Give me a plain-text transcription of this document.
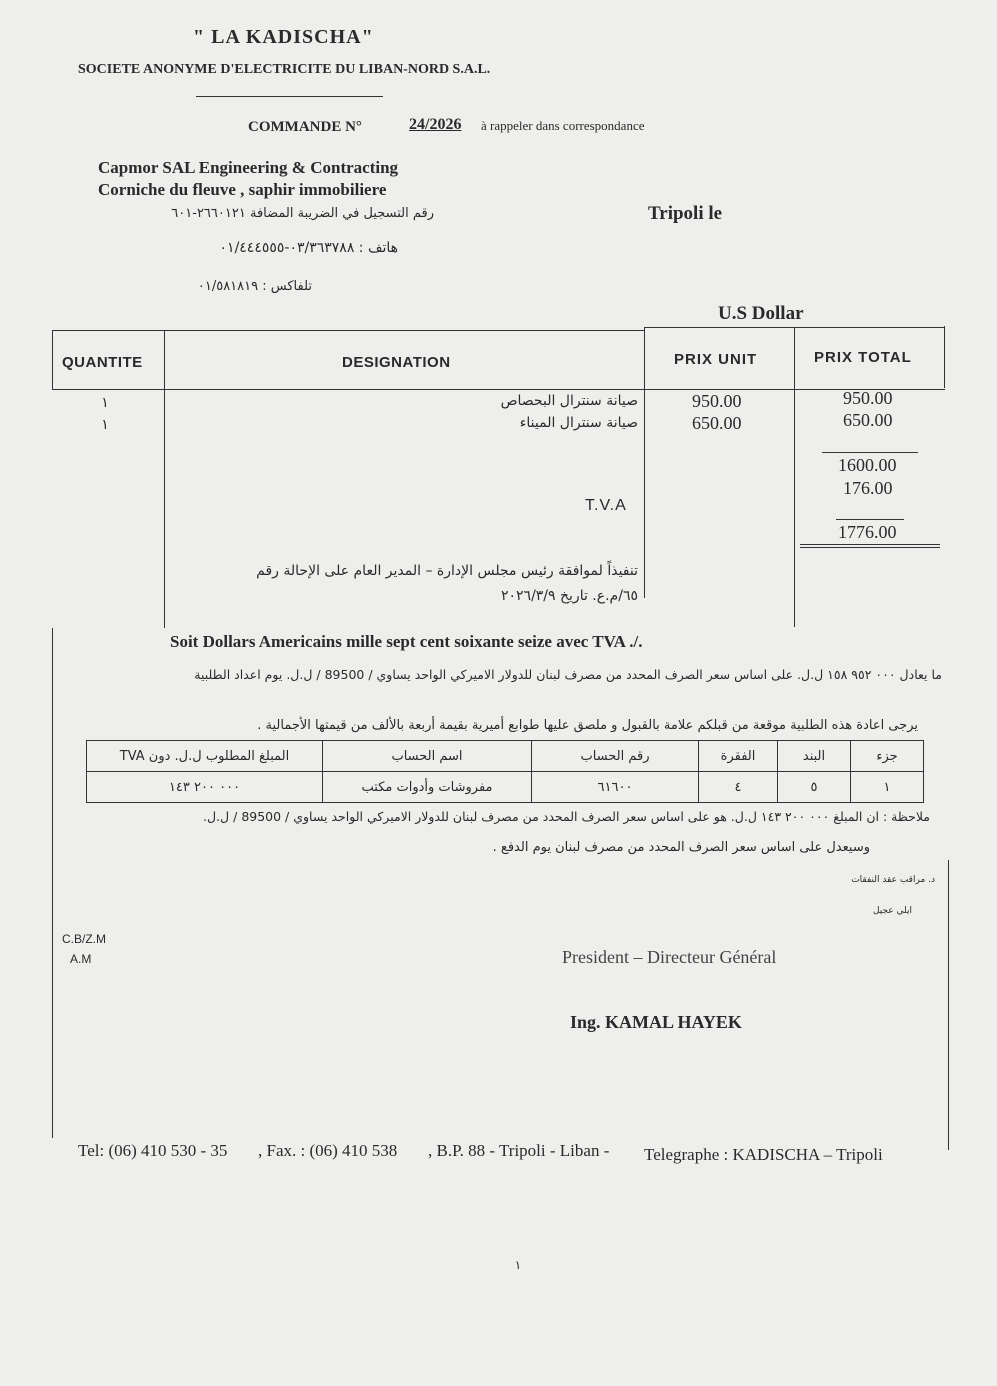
" LA KADISCHA"
SOCIETE ANONYME D'ELECTRICITE DU LIBAN-NORD S.A.L.
COMMANDE N°	24/2026 à rappeler dans correspondance
Capmor SAL Engineering & Contracting
Corniche du fleuve , saphir immobiliere
رقم التسجيل في الضريبة المضافة ٢٦٦٠١٢١-٦٠١
هاتف : ٠٣/٣٦٣٧٨٨-٠١/٤٤٤٥٥٥
تلفاكس : ٠١/٥٨١٨١٩
Tripoli le
U.S Dollar
QUANTITE	DESIGNATION	PRIX UNIT	PRIX TOTAL
١	صيانة سنترال البحصاص	950.00	950.00
١	صيانة سنترال الميناء	650.00	650.00
1600.00
176.00
T.V.A
1776.00
تنفيذاً لموافقة رئيس مجلس الإدارة – المدير العام على الإحالة رقم
٦٥/م.ع. تاريخ ٢٠٢٦/٣/٩
Soit Dollars Americains mille sept cent soixante seize avec TVA ./.
ما يعادل ٠٠٠ ٩٥٢ ١٥٨ ل.ل. على اساس سعر الصرف المحدد من مصرف لبنان للدولار الاميركي الواحد يساوي / 89500 / ل.ل. يوم اعداد الطلبية
يرجى اعادة هذه الطلبية موقعة من قبلكم علامة بالقبول و ملصق عليها طوابع أميرية بقيمة أربعة بالألف من قيمتها الأجمالية .
جزء	البند	الفقرة	رقم الحساب	اسم الحساب	المبلغ المطلوب ل.ل. دون TVA
١	٥	٤	٦١٦٠٠	مفروشات وأدوات مكتب	٠٠٠ ٢٠٠ ١٤٣
ملاحظة : ان المبلغ ٠٠٠ ٢٠٠ ١٤٣ ل.ل. هو على اساس سعر الصرف المحدد من مصرف لبنان للدولار الاميركي الواحد يساوي / 89500 / ل.ل.
وسيعدل على اساس سعر الصرف المحدد من مصرف لبنان يوم الدفع .
د. مراقب عقد النفقات
ايلي عجيل
C.B/Z.M
A.M	President – Directeur Général
Ing. KAMAL HAYEK
Tel: (06) 410 530 - 35 , Fax. : (06) 410 538 , B.P. 88 - Tripoli - Liban - Telegraphe : KADISCHA – Tripoli
١
